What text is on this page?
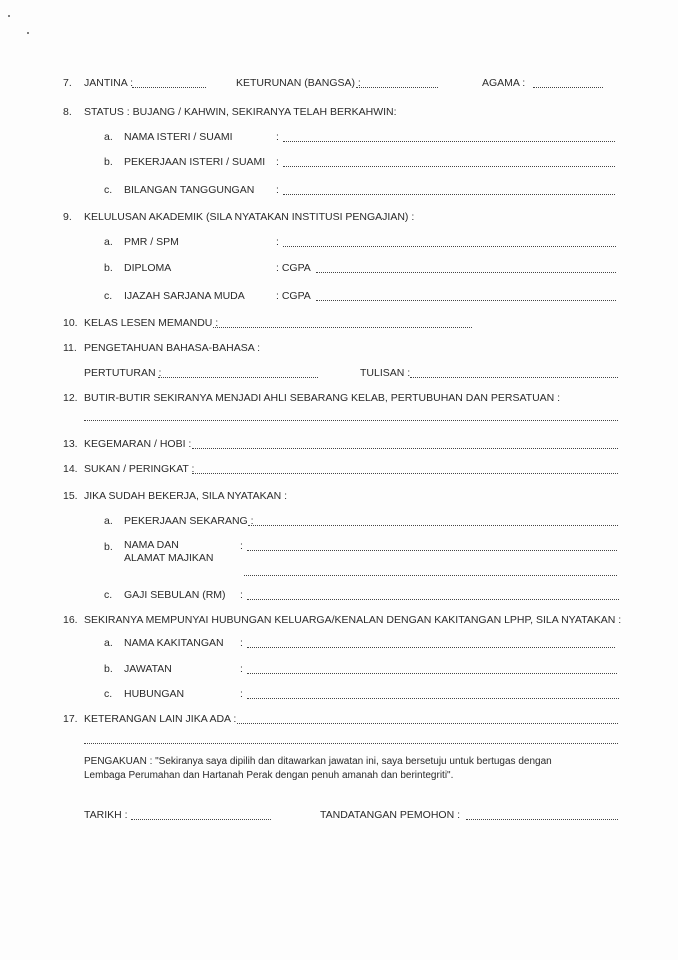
7. JANTINA :	KETURUNAN (BANGSA) :	AGAMA :
8. STATUS : BUJANG / KAHWIN, SEKIRANYA TELAH BERKAHWIN:
a. NAMA ISTERI / SUAMI	:
b. PEKERJAAN ISTERI / SUAMI :
c. BILANGAN TANGGUNGAN :
9. KELULUSAN AKADEMIK (SILA NYATAKAN INSTITUSI PENGAJIAN) :
a. PMR / SPM	:
b. DIPLOMA	: CGPA
c. IJAZAH SARJANA MUDA	: CGPA
10. KELAS LESEN MEMANDU :
11. PENGETAHUAN BAHASA-BAHASA :
PERTUTURAN :	TULISAN :
12. BUTIR-BUTIR SEKIRANYA MENJADI AHLI SEBARANG KELAB, PERTUBUHAN DAN PERSATUAN :
13. KEGEMARAN / HOBI :
14. SUKAN / PERINGKAT :
15. JIKA SUDAH BEKERJA, SILA NYATAKAN :
a. PEKERJAAN SEKARANG :
b. NAMA DAN
ALAMAT MAJIKAN
:
c. GAJI SEBULAN (RM) :
16. SEKIRANYA MEMPUNYAI HUBUNGAN KELUARGA/KENALAN DENGAN KAKITANGAN LPHP, SILA NYATAKAN :
a. NAMA KAKITANGAN :
b. JAWATAN	:
c. HUBUNGAN	:
17. KETERANGAN LAIN JIKA ADA :
PENGAKUAN : "Sekiranya saya dipilih dan ditawarkan jawatan ini, saya bersetuju untuk bertugas dengan
Lembaga Perumahan dan Hartanah Perak dengan penuh amanah dan berintegriti".
TARIKH :	TANDATANGAN PEMOHON :
